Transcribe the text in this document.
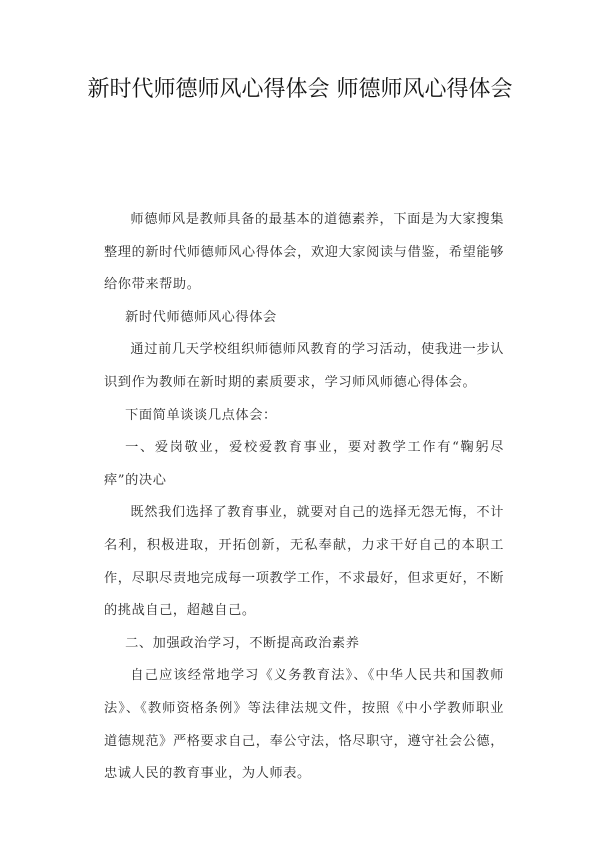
新时代师德师风心得体会 师德师风心得体会

师德师风是教师具备的最基本的道德素养，下面是为大家搜集整理的新时代师德师风心得体会，欢迎大家阅读与借鉴，希望能够给你带来帮助。

新时代师德师风心得体会

通过前几天学校组织师德师风教育的学习活动，使我进一步认识到作为教师在新时期的素质要求，学习师风师德心得体会。

下面简单谈谈几点体会：

一、爱岗敬业，爱校爱教育事业，要对教学工作有“鞠躬尽瘁”的决心

既然我们选择了教育事业，就要对自己的选择无怨无悔，不计名利，积极进取，开拓创新，无私奉献，力求干好自己的本职工作，尽职尽责地完成每一项教学工作，不求最好，但求更好，不断的挑战自己，超越自己。

二、加强政治学习，不断提高政治素养

自己应该经常地学习《义务教育法》、《中华人民共和国教师法》、《教师资格条例》等法律法规文件，按照《中小学教师职业道德规范》严格要求自己，奉公守法，恪尽职守，遵守社会公德，忠诚人民的教育事业，为人师表。
